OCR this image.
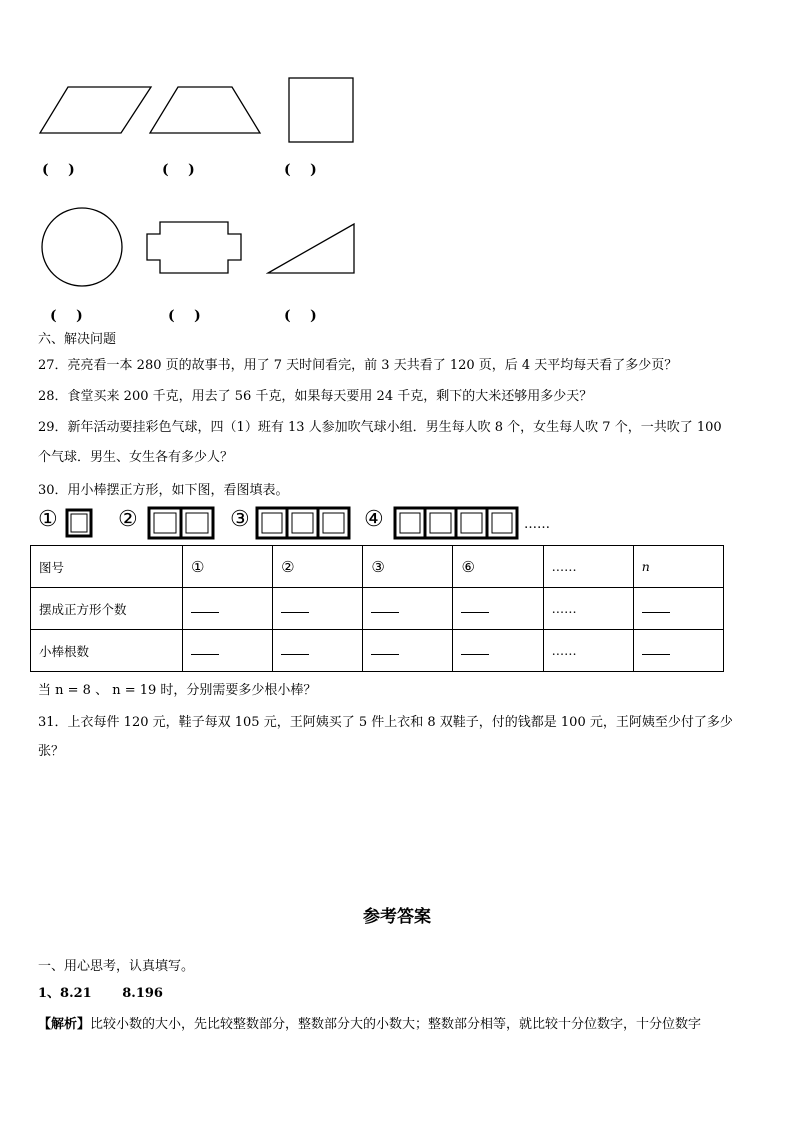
(    )	(    )	(    )
(    )	(    )	(    )
六、解决问题
27．亮亮看一本 280 页的故事书，用了 7 天时间看完，前 3 天共看了 120 页，后 4 天平均每天看了多少页？
28．食堂买来 200 千克，用去了 56 千克，如果每天要用 24 千克，剩下的大米还够用多少天？
29．新年活动要挂彩色气球，四（1）班有 13 人参加吹气球小组．男生每人吹 8 个，女生每人吹 7 个，一共吹了 100
个气球．男生、女生各有多少人？
30．用小棒摆正方形，如下图，看图填表。
①	②	③	④	……
图号	①	②	③	⑥	……	n
摆成正方形个数					……	
小棒根数					……	
当 n = 8 、 n = 19 时，分别需要多少根小棒？
31．上衣每件 120 元，鞋子每双 105 元，王阿姨买了 5 件上衣和 8 双鞋子，付的钱都是 100 元，王阿姨至少付了多少
张？
参考答案
一、用心思考，认真填写。
1、8.21 8.196
【解析】比较小数的大小，先比较整数部分，整数部分大的小数大；整数部分相等，就比较十分位数字，十分位数字
